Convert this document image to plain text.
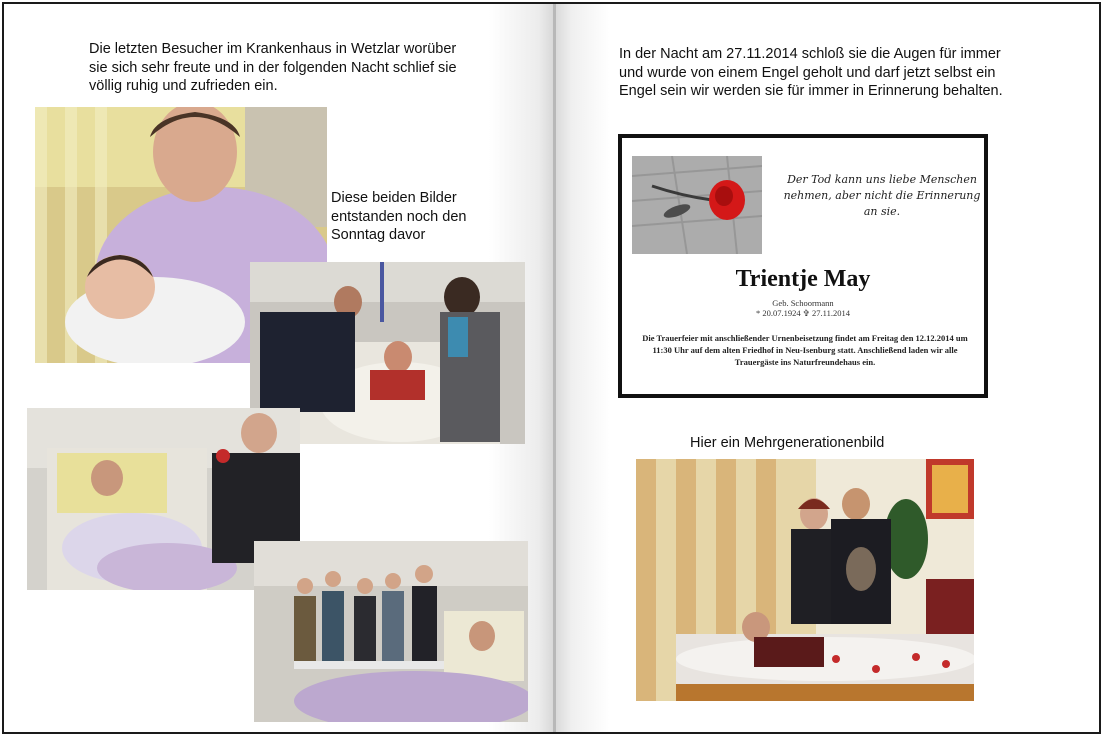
Die letzten Besucher im Krankenhaus in Wetzlar worüber sie sich sehr freute und in der folgenden Nacht schlief sie völlig ruhig und zufrieden ein.
Diese beiden Bilder entstanden noch den Sonntag davor
In der Nacht am 27.11.2014 schloß sie die Augen für immer und wurde von einem Engel geholt und darf jetzt selbst ein Engel sein wir werden sie für immer in Erinnerung behalten.
Der Tod kann uns liebe Menschen nehmen, aber nicht die Erinnerung an sie.
Trientje May
Geb. Schoormann
* 20.07.1924 ✞ 27.11.2014
Die Trauerfeier mit anschließender Urnenbeisetzung findet am Freitag den 12.12.2014 um 11:30 Uhr auf dem alten Friedhof in Neu-Isenburg statt. Anschließend laden wir alle Trauergäste ins Naturfreundehaus ein.
Hier ein Mehrgenerationenbild
